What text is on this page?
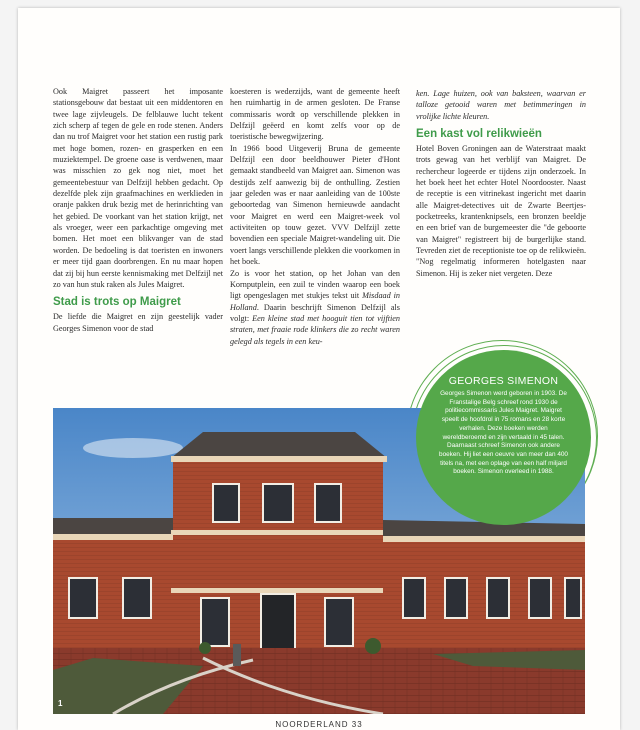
Ook Maigret passeert het imposante stationsgebouw dat bestaat uit een middentoren en twee lage zijvleugels. De felblauwe lucht tekent zich scherp af tegen de gele en rode stenen. Anders dan nu trof Maigret voor het station een rustig park met hoge bomen, rozen- en grasperken en een muziektempel. De groene oase is verdwenen, maar was misschien zo gek nog niet, moet het gemeentebestuur van Delfzijl hebben gedacht. Op dezelfde plek zijn graafmachines en werklieden in oranje pakken druk bezig met de herinrichting van het gebied. De voorkant van het station krijgt, net als vroeger, weer een parkachtige omgeving met bomen. Het moet een blikvanger van de stad worden. De bedoeling is dat toeristen en inwoners er meer tijd gaan doorbrengen. En nu maar hopen dat zij bij hun eerste kennismaking met Delfzijl net zo van hun stuk raken als Jules Maigret.

Stad is trots op Maigret

De liefde die Maigret en zijn geestelijk vader Georges Simenon voor de stad

koesteren is wederzijds, want de gemeente heeft hen ruimhartig in de armen gesloten. De Franse commissaris wordt op verschillende plekken in Delfzijl geëerd en komt zelfs voor op de toeristische bewegwijzering.

In 1966 bood Uitgeverij Bruna de gemeente Delfzijl een door beeldhouwer Pieter d'Hont gemaakt standbeeld van Maigret aan. Simenon was destijds zelf aanwezig bij de onthulling. Zestien jaar geleden was er naar aanleiding van de 100ste geboortedag van Simenon hernieuwde aandacht voor Maigret en werd een Maigret-week vol activiteiten op touw gezet. VVV Delfzijl zette bovendien een speciale Maigret-wandeling uit. Die voert langs verschillende plekken die voorkomen in het boek.

Zo is voor het station, op het Johan van den Kornputplein, een zuil te vinden waarop een boek ligt opengeslagen met stukjes tekst uit Misdaad in Holland. Daarin beschrijft Simenon Delfzijl als volgt: Een kleine stad met hooguit tien tot vijftien straten, met fraaie rode klinkers die zo recht waren gelegd als tegels in een keu-

ken. Lage huizen, ook van baksteen, waarvan er talloze getooid waren met betimmeringen in vrolijke lichte kleuren.

Een kast vol relikwieën

Hotel Boven Groningen aan de Waterstraat maakt trots gewag van het verblijf van Maigret. De rechercheur logeerde er tijdens zijn onderzoek. In het boek heet het echter Hotel Noordooster. Naast de receptie is een vitrinekast ingericht met daarin alle Maigret-detectives uit de Zwarte Beertjes-pocketreeks, krantenknipsels, een bronzen beeldje en een brief van de burgemeester die "de geboorte van Maigret" registreert bij de burgerlijke stand. Tevreden ziet de receptioniste toe op de relikwieën. "Nog regelmatig informeren hotelgasten naar Simenon. Hij is zeker niet vergeten. Deze

1
GEORGES SIMENON
Georges Simenon werd geboren in 1903. De Franstalige Belg schreef rond 1930 de politiecommissaris Jules Maigret. Maigret speelt de hoofdrol in 75 romans en 28 korte verhalen. Deze boeken werden wereldberoemd en zijn vertaald in 45 talen. Daarnaast schreef Simenon ook andere boeken. Hij liet een oeuvre van meer dan 400 titels na, met een oplage van een half miljard boeken. Simenon overleed in 1988.
NOORDERLAND 33
